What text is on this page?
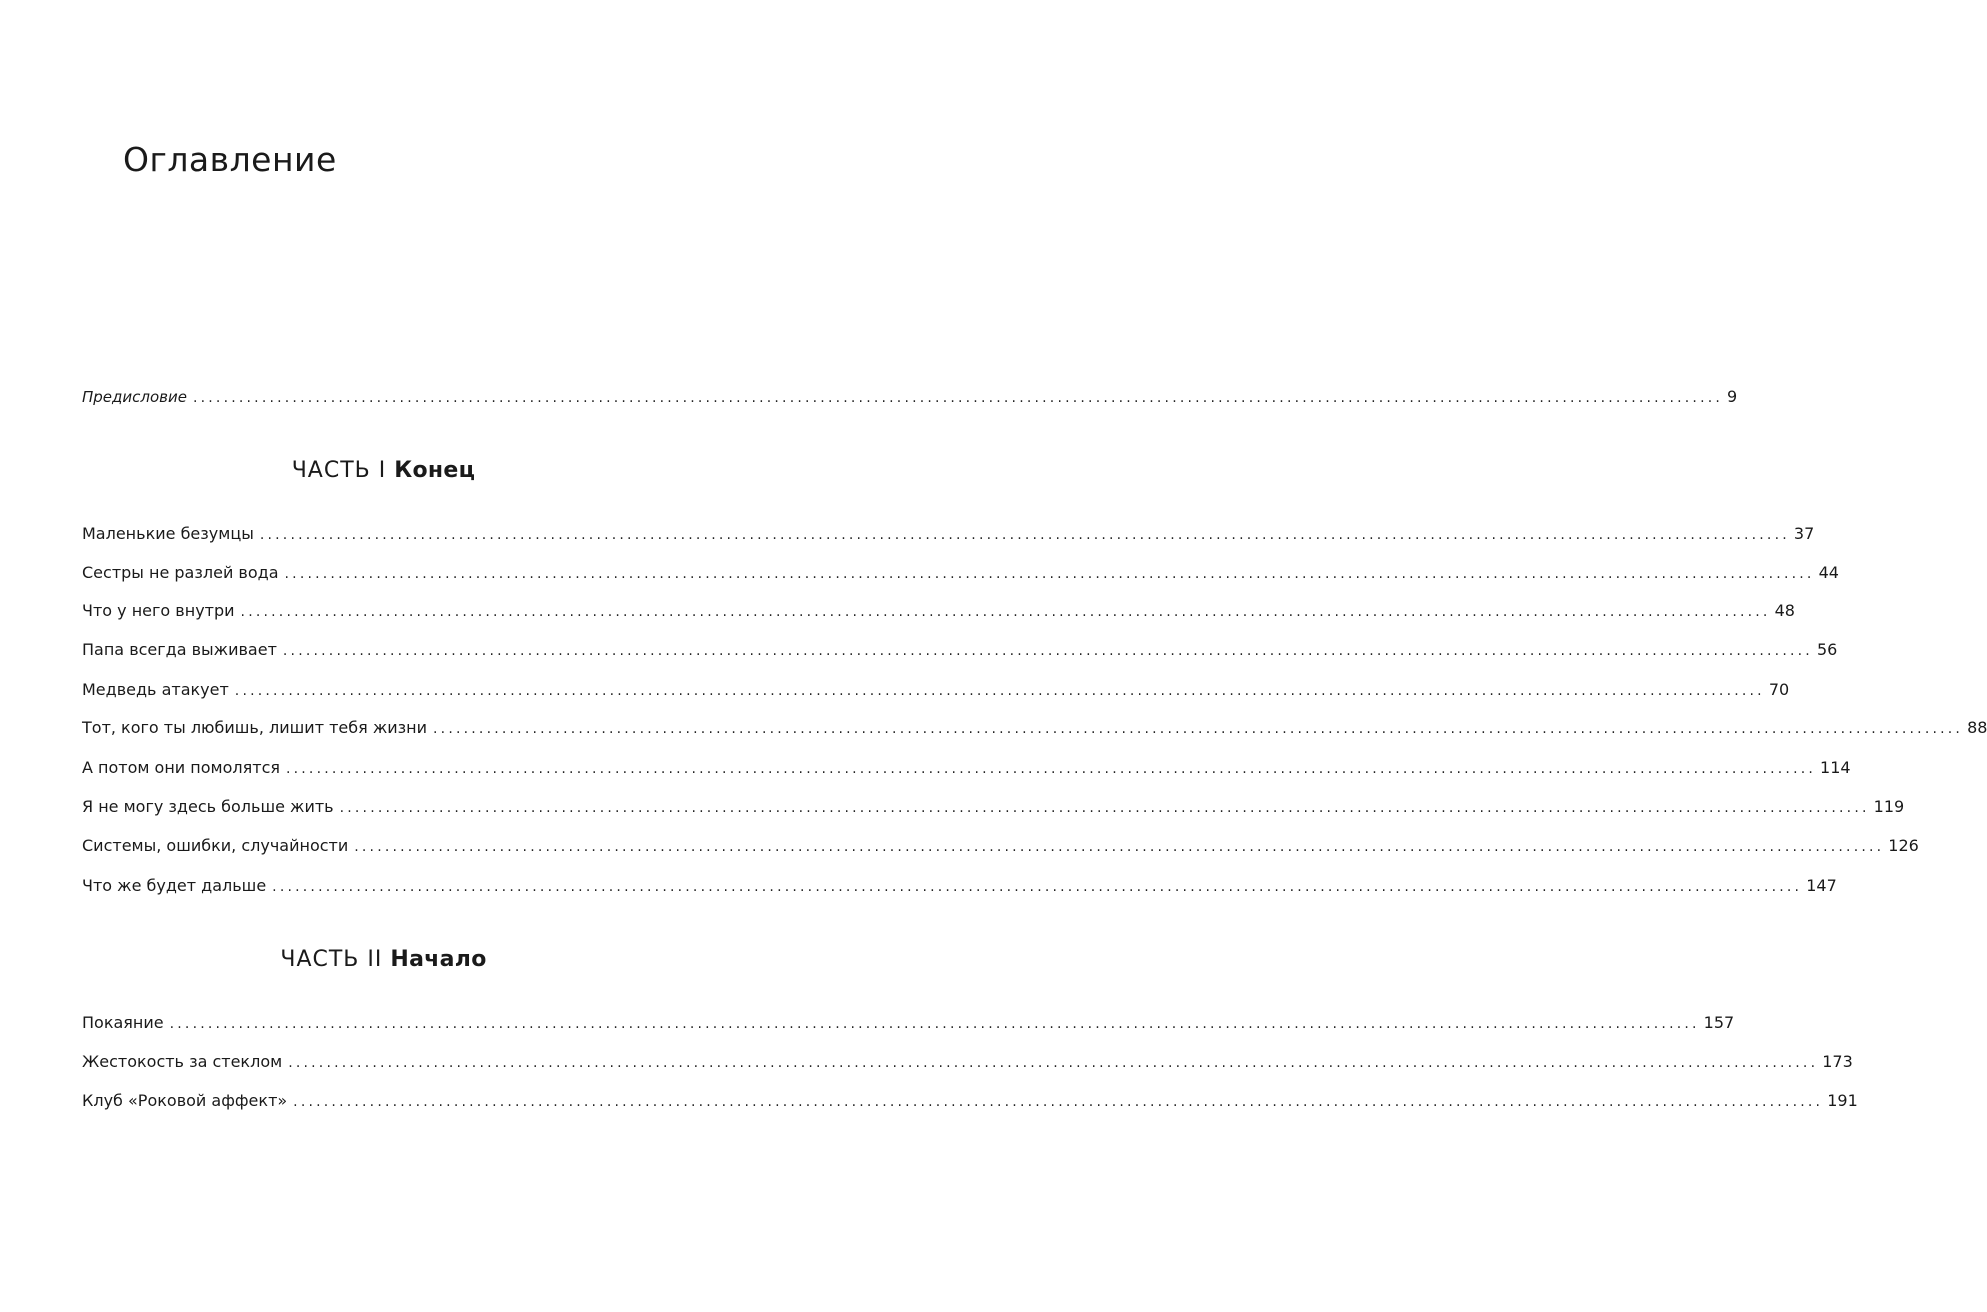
Оглавление
Предисловие ........................................................................................................................................................................................................ 9
ЧАСТЬ I Конец
Маленькие безумцы ........................................................................................................................................................................................................ 37
Сестры не разлей вода ........................................................................................................................................................................................................ 44
Что у него внутри ........................................................................................................................................................................................................ 48
Папа всегда выживает ........................................................................................................................................................................................................ 56
Медведь атакует ........................................................................................................................................................................................................ 70
Тот, кого ты любишь, лишит тебя жизни ........................................................................................................................................................................................................ 88
А потом они помолятся ........................................................................................................................................................................................................ 114
Я не могу здесь больше жить ........................................................................................................................................................................................................ 119
Системы, ошибки, случайности ........................................................................................................................................................................................................ 126
Что же будет дальше ........................................................................................................................................................................................................ 147
ЧАСТЬ II Начало
Покаяние ........................................................................................................................................................................................................ 157
Жестокость за стеклом ........................................................................................................................................................................................................ 173
Клуб «Роковой аффект» ........................................................................................................................................................................................................ 191
